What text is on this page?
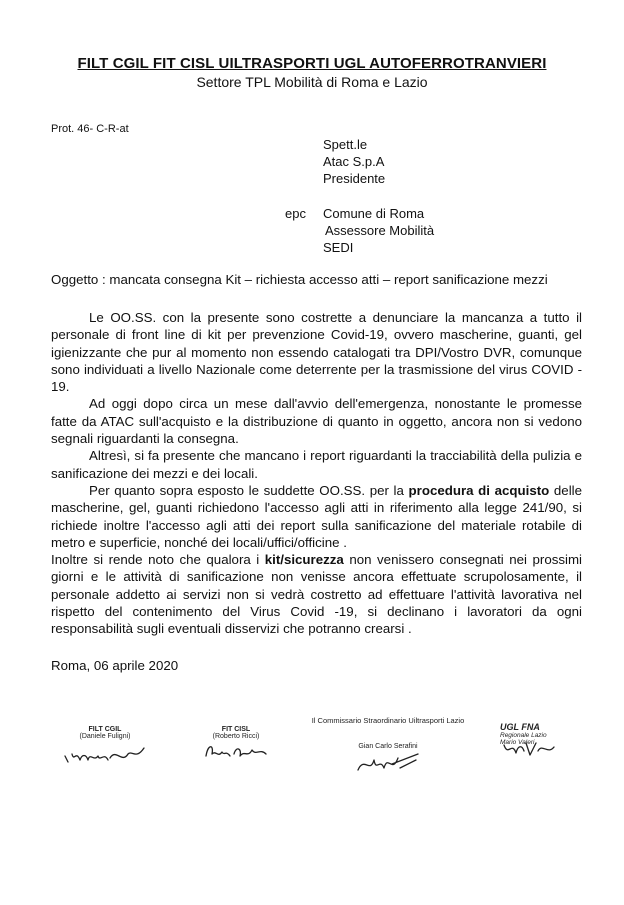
FILT CGIL FIT CISL UILTRASPORTI UGL AUTOFERROTRANVIERI
Settore TPL Mobilità di Roma e Lazio
Prot. 46- C-R-at
Spett.le
Atac S.p.A
Presidente
epc Comune di Roma
Assessore Mobilità
SEDI
Oggetto : mancata consegna Kit – richiesta accesso atti – report sanificazione mezzi

Le OO.SS. con la presente sono costrette a denunciare la mancanza a tutto il personale di front line di kit per prevenzione Covid-19, ovvero mascherine, guanti, gel igienizzante che pur al momento non essendo catalogati tra DPI/Vostro DVR, comunque sono individuati a livello Nazionale come deterrente per la trasmissione del virus COVID - 19.

Ad oggi dopo circa un mese dall'avvio dell'emergenza, nonostante le promesse fatte da ATAC sull'acquisto e la distribuzione di quanto in oggetto, ancora non si vedono segnali riguardanti la consegna.

Altresì, si fa presente che mancano i report riguardanti la tracciabilità della pulizia e sanificazione dei mezzi e dei locali.

Per quanto sopra esposto le suddette OO.SS. per la procedura di acquisto delle mascherine, gel, guanti richiedono l'accesso agli atti in riferimento alla legge 241/90, si richiede inoltre l'accesso agli atti dei report sulla sanificazione del materiale rotabile di metro e superficie, nonché dei locali/uffici/officine .

Inoltre si rende noto che qualora i kit/sicurezza non venissero consegnati nei prossimi giorni e le attività di sanificazione non venisse ancora effettuate scrupolosamente, il personale addetto ai servizi non si vedrà costretto ad effettuare l'attività lavorativa nel rispetto del contenimento del Virus Covid -19, si declinano i lavoratori da ogni responsabilità sugli eventuali disservizi che potranno crearsi .

Roma, 06 aprile 2020
FILT CGIL
(Daniele Fuligni)
FIT CISL
(Roberto Ricci)
Il Commissario Straordinario Uiltrasporti Lazio
Gian Carlo Serafini
UGL FNA
Regionale Lazio
Mario Valeri
